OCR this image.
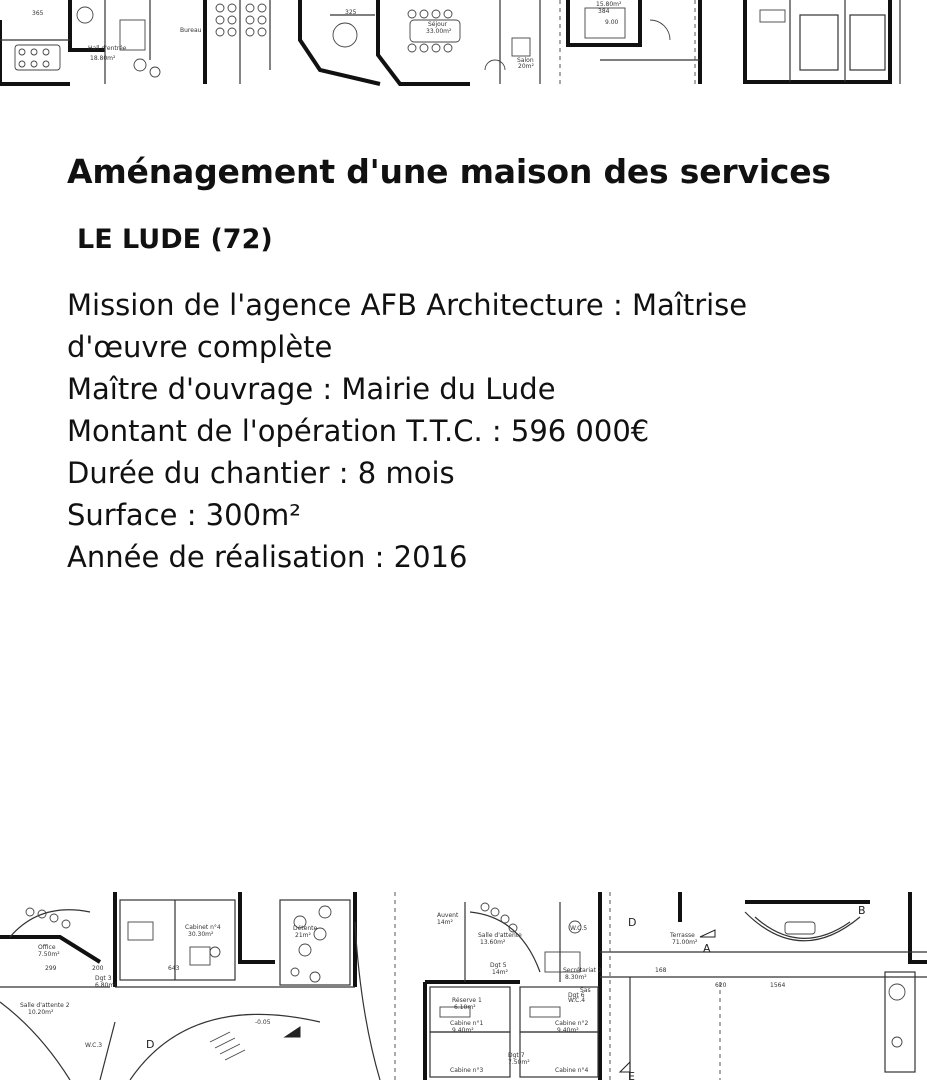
Séjour
33.00m²
Salon
20m²
Bureau
Hall d'entrée
18.80m²
325
365	384
15.80m²
9.00
Aménagement d'une maison des services
LE LUDE (72)
Mission de l'agence AFB Architecture : Maîtrise d'œuvre complète
Maître d'ouvrage : Mairie du Lude
Montant de l'opération T.T.C. : 596 000€
Durée du chantier : 8 mois
Surface : 300m²
Année de réalisation : 2016
Office
7.50m²
Salle d'attente 2
10.20m²
Cabinet n°4
30.30m²
Détente
21m²
Dgt 3
6.80m²
W.C.3
Auvent
14m²
Salle d'attente
13.60m²
Dgt 5
14m²	Secrétariat 2
8.30m²
Réserve 1
6.10m²
Cabine n°1
9.40m²
Cabine n°2
9.40m²
Dgt 7
7.50m²
Cabine n°3	Cabine n°4
W.C.4
Dgt 6
W.C.5
Terrasse
71.00m²
Sas
-0.05
299	200	643
620	1564
168
B
D
A
E
D
